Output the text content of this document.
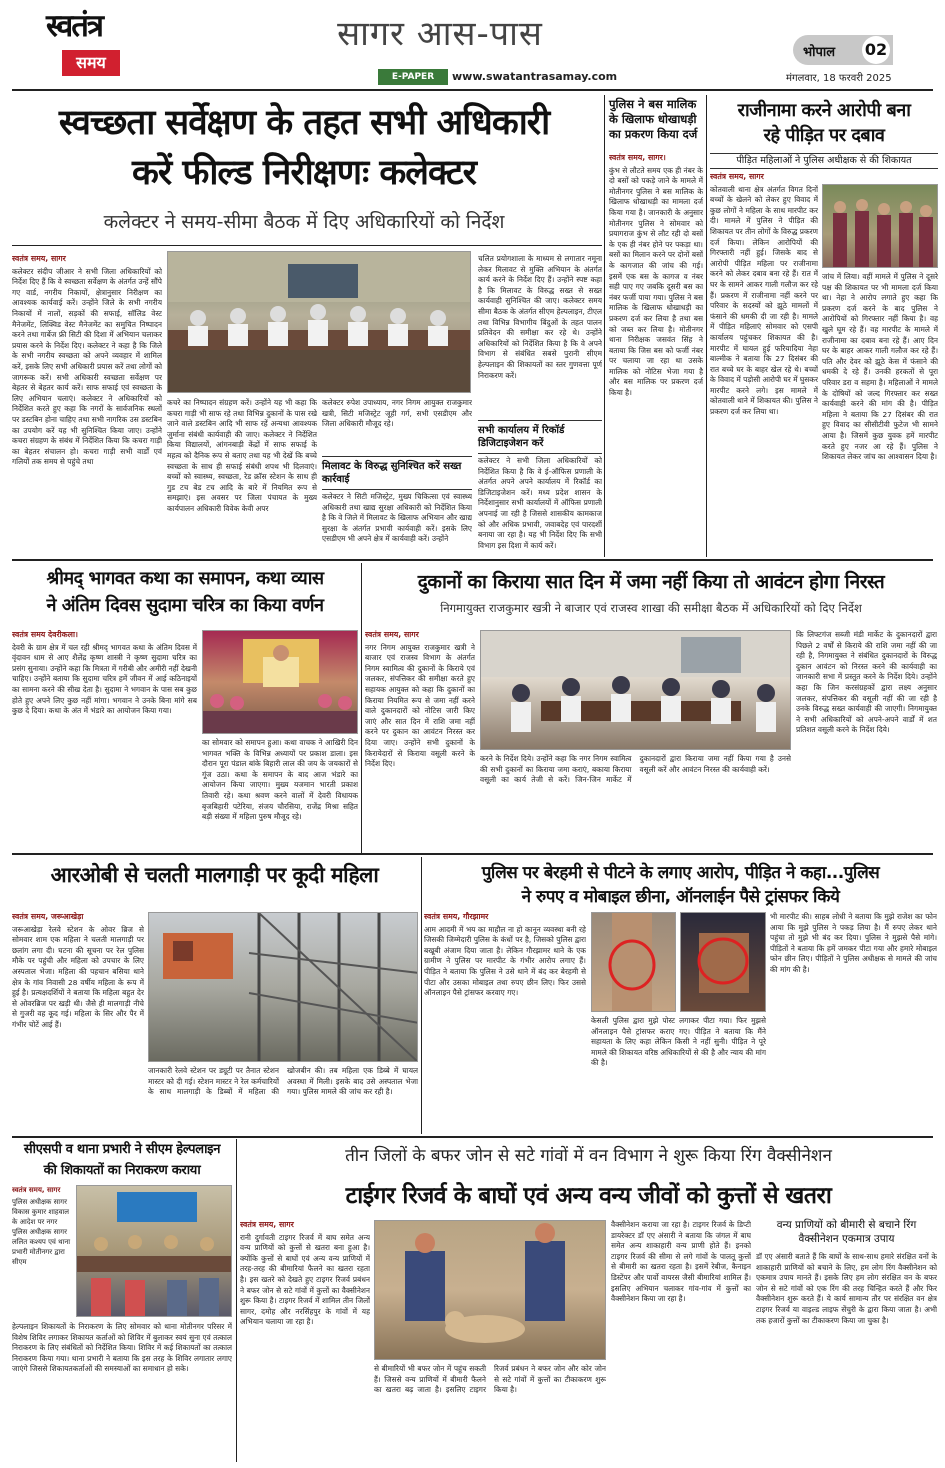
स्वतंत्र
समय
सागर आस-पास	भोपाल 02
E-PAPER	www.swatantrasamay.com	मंगलवार, 18 फरवरी 2025
स्वच्छता सर्वेक्षण के तहत सभी अधिकारी
करें फील्ड निरीक्षणः कलेक्टर
कलेक्टर ने समय-सीमा बैठक में दिए अधिकारियों को निर्देश
स्वतंत्र समय, सागर

कलेक्टर संदीप जीआर ने सभी जिला अधिकारियों को निर्देश दिए हैं कि वे स्वच्छता सर्वेक्षण के अंतर्गत उन्हें सौंपे गए वार्ड, नगरीय निकायों, क्षेत्रानुसार निरीक्षण का आवश्यक कार्यवाई करें। उन्होंने जिले के सभी नगरीय निकायों में नालों, सड़कों की सफाई, सॉलिड वेस्ट मैनेजमेंट, लिक्विड वेस्ट मैनेजमेंट का समुचित निष्पादन करने तथा गार्बेज फ्री सिटी की दिशा में अभियान चलाकर प्रयास करने के निर्देश दिए। कलेक्टर ने कहा है कि जिले के सभी नगरीय स्वच्छता को अपने व्यवहार में शामिल करें, इसके लिए सभी अधिकारी प्रयास करें तथा लोगों को जागरूक करें। सभी अधिकारी स्वच्छता सर्वेक्षण पर बेहतर से बेहतर कार्य करें। साफ सफाई एवं स्वच्छता के लिए अभियान चलाएं। कलेक्टर ने अधिकारियों को निर्देशित करते हुए कहा कि नगरों के सार्वजनिक स्थलों पर डस्टबिन होना चाहिए तथा सभी नागरिक उस डस्टबिन का उपयोग करें यह भी सुनिश्चित किया जाए। उन्होंने कचरा संग्रहण के संबंध में निर्देशित किया कि कचरा गाड़ी का बेहतर संचालन हो। कचरा गाड़ी सभी वार्डों एवं गलियों तक समय से पहुंचे तथा

कचरे का निष्पादन संग्रहण करें। उन्होंने यह भी कहा कि कचरा गाड़ी भी साफ रहे तथा विभिन्न दुकानों के पास रखे जाने वाले डस्टबिन आदि भी साफ रहें अन्यथा आवश्यक जुर्माना संबंधी कार्यवाही की जाए। कलेक्टर ने निर्देशित किया विद्यालयों, आंगनबाड़ी केंद्रों में साफ सफाई के महत्व को दैनिक रूप से बताए तथा यह भी देखें कि बच्चे स्वच्छता के साथ ही सफाई संबंधी शपथ भी दिलवाएं। बच्चों को स्वास्थ्य, स्वच्छता, रेड क्रॉस स्टेशन के साथ ही गुड टच बेड टच आदि के बारे में नियमित रूप से समझाएं। इस अवसर पर जिला पंचायत के मुख्य कार्यपालन अधिकारी विवेक केवी अपर

कलेक्टर रुपेश उपाध्याय, नगर निगम आयुक्त राजकुमार खत्री, सिटी मजिस्ट्रेट जूही गर्ग, सभी एसडीएम और जिला अधिकारी मौजूद रहे।

मिलावट के विरुद्ध सुनिश्चित करें सख्त कार्रवाई

कलेक्टर ने सिटी मजिस्ट्रेट, मुख्य चिकित्सा एवं स्वास्थ्य अधिकारी तथा खाद्य सुरक्षा अधिकारी को निर्देशित किया है कि वे जिले में मिलावट के खिलाफ अभियान और खाद्य सुरक्षा के अंतर्गत प्रभावी कार्यवाही करें। इसके लिए एसडीएम भी अपने क्षेत्र में कार्यवाही करें। उन्होंने

चलित प्रयोगशाला के माध्यम से लगातार नमूना लेकर मिलावट से मुक्ति अभियान के अंतर्गत कार्य करने के निर्देश दिए हैं। उन्होंने स्पष्ट कहा है कि मिलावट के विरुद्ध सख्त से सख्त कार्यवाही सुनिश्चित की जाए। कलेक्टर समय सीमा बैठक के अंतर्गत सीएम हेल्पलाइन, टीएल तथा विभिन्न विभागीय बिंदुओं के तहत पालन प्रतिवेदन की समीक्षा कर रहे थे। उन्होंने अधिकारियों को निर्देशित किया है कि वे अपने विभाग से संबंधित सबसे पुरानी सीएम हेल्पलाइन की शिकायतों का स्तर गुणवत्ता पूर्ण निराकरण करें।

सभी कार्यालय में रिकॉर्ड डिजिटाइजेशन करें

कलेक्टर ने सभी जिला अधिकारियों को निर्देशित किया है कि वे ई-ऑफिस प्रणाली के अंतर्गत अपने अपने कार्यालय में रिकॉर्ड का डिजिटाइजेशन करें। मध्य प्रदेश शासन के निर्देशानुसार सभी कार्यालयों में ऑफिस प्रणाली अपनाई जा रही है जिससे शासकीय कामकाज को और अधिक प्रभावी, जवाबदेह एवं पारदर्शी बनाया जा रहा है। यह भी निर्देश दिए कि सभी विभाग इस दिशा में कार्य करें।

पुलिस ने बस मालिक के खिलाफ धोखाधड़ी का प्रकरण किया दर्ज
स्वतंत्र समय, सागर।

कुंभ से लौटते समय एक ही नंबर के दो बसों को पकड़े जाने के मामले में मोतीनगर पुलिस ने बस मालिक के खिलाफ धोखाधड़ी का मामला दर्ज किया गया है। जानकारी के अनुसार मोतीनगर पुलिस ने सोमवार को प्रयागराज कुंभ से लौट रही दो बसों के एक ही नंबर होने पर पकड़ा था। बसों का मिलान करने पर दोनों बसों के कागजात की जांच की गई। इसमें एक बस के कागज व नंबर सही पाए गए जबकि दूसरी बस का नंबर फर्जी पाया गया। पुलिस ने बस मालिक के खिलाफ धोखाधड़ी का प्रकरण दर्ज कर लिया है तथा बस को जब्त कर लिया है। मोतीनगर थाना निरीक्षक जसवंत सिंह ने बताया कि जिस बस को फर्जी नंबर पर चलाया जा रहा था उसके मालिक को नोटिस भेजा गया है और बस मालिक पर प्रकरण दर्ज किया है।

राजीनामा करने आरोपी बना
रहे पीड़ित पर दबाव
पीड़ित महिलाओं ने पुलिस अधीक्षक से की शिकायत
स्वतंत्र समय, सागर

कोतवाली थाना क्षेत्र अंतर्गत विगत दिनों बच्चों के खेलने को लेकर हुए विवाद में कुछ लोगों ने महिला के साथ मारपीट कर दी। मामले में पुलिस ने पीड़ित की शिकायत पर तीन लोगों के विरुद्ध प्रकरण दर्ज किया। लेकिन आरोपियों की गिरफ्तारी नहीं हुई। जिसके बाद से आरोपी पीड़ित महिला पर राजीनामा करने को लेकर दबाव बना रहे हैं। रात में घर के सामने आकर गाली गलौज कर रहे हैं। प्रकरण में राजीनामा नहीं करने पर परिवार के सदस्यों को झूठे मामलों में फंसाने की धमकी दी जा रही है। मामले में पीड़ित महिलाएं सोमवार को एसपी कार्यालय पहुंचकर शिकायत की है। मारपीट में घायल हुई फरियादिया नेहा बाल्मीक ने बताया कि 27 दिसंबर की रात बच्चे घर के बाहर खेल रहे थे। बच्चों के विवाद में पड़ोसी आरोपी घर में घुसकर मारपीट करने लगे। इस मामले में कोतवाली थाने में शिकायत की। पुलिस ने प्रकरण दर्ज कर लिया था।

जांच में लिया। वहीं मामले में पुलिस ने दूसरे पक्ष की शिकायत पर भी मामला दर्ज किया था। नेहा ने आरोप लगाते हुए कहा कि प्रकरण दर्ज करने के बाद पुलिस ने आरोपियों को गिरफ्तार नहीं किया है। वह खुले घूम रहे हैं। वह मारपीट के मामले में राजीनामा का दबाव बना रहे हैं। आए दिन घर के बाहर आकर गाली गलौज कर रहे हैं। पति और देवर को झूठे केस में फंसाने की धमकी दे रहे हैं। उनकी हरकतों से पूरा परिवार डरा व सहमा है। महिलाओं ने मामले के दोषियों को जल्द गिरफ्तार कर सख्त कार्यवाही करने की मांग की है। पीड़ित महिला ने बताया कि 27 दिसंबर की रात हुए विवाद का सीसीटीवी फुटेज भी सामने आया है। जिसमें कुछ युवक हमें मारपीट करते हुए नजर आ रहे हैं। पुलिस ने शिकायत लेकर जांच का आश्वासन दिया है।

श्रीमद् भागवत कथा का समापन, कथा व्यास
ने अंतिम दिवस सुदामा चरित्र का किया वर्णन
स्वतंत्र समय देवरीकला।

देवरी के ग्राम क्षेत्र में चल रही श्रीमद् भागवत कथा के अंतिम दिवस में वृंदावन धाम से आए शैलेंद्र कृष्ण शास्त्री ने कृष्ण सुदामा चरित्र का प्रसंग सुनाया। उन्होंने कहा कि मित्रता में गरीबी और अमीरी नहीं देखनी चाहिए। उन्होंने बताया कि सुदामा चरित्र हमें जीवन में आई कठिनाइयों का सामना करने की सीख देता है। सुदामा ने भगवान के पास सब कुछ होते हुए अपने लिए कुछ नहीं मांगा। भगवान ने उनके बिना मांगे सब कुछ दे दिया। कथा के अंत में भंडारे का आयोजन किया गया।

का सोमवार को समापन हुआ। कथा वाचक ने आखिरी दिन भागवत भक्ति के विभिन्न अध्यायों पर प्रकाश डाला। इस दौरान पूरा पंडाल बांके बिहारी लाल की जय के जयकारों से गूंज उठा। कथा के समापन के बाद आज भंडारे का आयोजन किया जाएगा। मुख्य यजमान भारती प्रकाश तिवारी रहे। कथा श्रवण करने वालों में देवरी विधायक बृजबिहारी पटेरिया, संजय चौरसिया, राजेंद्र मिश्रा सहित बड़ी संख्या में महिला पुरुष मौजूद रहे।

दुकानों का किराया सात दिन में जमा नहीं किया तो आवंटन होगा निरस्त
निगमायुक्त राजकुमार खत्री ने बाजार एवं राजस्व शाखा की समीक्षा बैठक में अधिकारियों को दिए निर्देश
स्वतंत्र समय, सागर

नगर निगम आयुक्त राजकुमार खत्री ने बाजार एवं राजस्व विभाग के अंतर्गत निगम स्वामित्व की दुकानों के किराये एवं जलकर, संपत्तिकर की समीक्षा करते हुए सहायक आयुक्त को कहा कि दुकानों का किराया नियमित रूप से जमा नहीं करने वाले दुकानदारों को नोटिस जारी किए जाएं और सात दिन में राशि जमा नहीं करने पर दुकान का आवंटन निरस्त कर दिया जाए। उन्होंने सभी दुकानों के किरायेदारों से किराया वसूली करने के निर्देश दिए।

करने के निर्देश दिये। उन्होंने कहा कि नगर निगम स्वामित्व की सभी दुकानों का किराया जमा कराएं, बकाया किराया वसूली का कार्य तेजी से करें। जिन-जिन मार्केट में दुकानदारों द्वारा किराया जमा नहीं किया गया है उनसे वसूली करें और आवंटन निरस्त की कार्यवाही करें।

कि लिफ्टगंज सब्जी मंडी मार्केट के दुकानदारों द्वारा पिछले 2 वर्षों से किराये की राशि जमा नहीं की जा रही है, निगमायुक्त ने संबंधित दुकानदारों के विरुद्ध दुकान आवंटन को निरस्त करने की कार्यवाही का जानकारी सभा में प्रस्तुत करने के निर्देश दिये। उन्होंने कहा कि जिन करसंग्रहकों द्वारा लक्ष्य अनुसार जलकर, संपत्तिकर की वसूली नहीं की जा रही है उनके विरुद्ध सख्त कार्यवाही की जाएगी। निगमायुक्त ने सभी अधिकारियों को अपने-अपने वार्डों में शत प्रतिशत वसूली करने के निर्देश दिये।

आरओबी से चलती मालगाड़ी पर कूदी महिला
स्वतंत्र समय, जरूआखेड़ा

जरूआखेड़ा रेलवे स्टेशन के ओवर ब्रिज से सोमवार शाम एक महिला ने चलती मालगाड़ी पर छलांग लगा दी। घटना की सूचना पर रेल पुलिस मौके पर पहुंची और महिला को उपचार के लिए अस्पताल भेजा। महिला की पहचान बसिया थाने क्षेत्र के गांव निवासी 28 वर्षीय महिला के रूप में हुई है। प्रत्यक्षदर्शियों ने बताया कि महिला बहुत देर से ओवरब्रिज पर खड़ी थी। जैसे ही मालगाड़ी नीचे से गुजरी वह कूद गई। महिला के सिर और पैर में गंभीर चोटें आई हैं।

जानकारी रेलवे स्टेशन पर ड्यूटी पर तैनात स्टेशन मास्टर को दी गई। स्टेशन मास्टर ने रेल कर्मचारियों के साथ मालगाड़ी के डिब्बों में महिला की खोजबीन की। तब महिला एक डिब्बे में घायल अवस्था में मिली। इसके बाद उसे अस्पताल भेजा गया। पुलिस मामले की जांच कर रही है।

पुलिस पर बेरहमी से पीटने के लगाए आरोप, पीड़ित ने कहा...पुलिस
ने रुपए व मोबाइल छीना, ऑनलाईन पैसे ट्रांसफर किये
स्वतंत्र समय, गौरझामर

आम आदमी में भय का माहौल ना हो कानून व्यवस्था बनी रहे जिसकी जिम्मेदारी पुलिस के कंधों पर है, जिसको पुलिस द्वारा बखूबी अंजाम दिया जाता है। लेकिन गौरझामर थाने के एक ग्रामीण ने पुलिस पर मारपीट के गंभीर आरोप लगाए हैं। पीड़ित ने बताया कि पुलिस ने उसे थाने में बंद कर बेरहमी से पीटा और उसका मोबाइल तथा रुपए छीन लिए। फिर उससे ऑनलाइन पैसे ट्रांसफर करवाए गए।

केसली पुलिस द्वारा मुझे पोस्ट लगाकर पीटा गया। फिर मुझसे ऑनलाइन पैसे ट्रांसफर कराए गए। पीड़ित ने बताया कि मैंने सहायता के लिए कहा लेकिन किसी ने नहीं सुनी। पीड़ित ने पूरे मामले की शिकायत वरिष्ठ अधिकारियों से की है और न्याय की मांग की है।

भी मारपीट की। साहब लोधी ने बताया कि मुझे राजेश का फोन आया कि मुझे पुलिस ने पकड़ लिया है। मैं रुपए लेकर थाने पहुंचा तो मुझे भी बंद कर दिया। पुलिस ने मुझसे पैसे मांगे। पीड़ितों ने बताया कि हमें जमकर पीटा गया और हमारे मोबाइल फोन छीन लिए। पीड़ितों ने पुलिस अधीक्षक से मामले की जांच की मांग की है।

सीएसपी व थाना प्रभारी ने सीएम हेल्पलाइन
की शिकायतों का निराकरण कराया
स्वतंत्र समय, सागर

पुलिस अधीक्षक सागर विकास कुमार शाहवाल के आदेश पर नगर पुलिस अधीक्षक सागर ललित कश्यप एवं थाना प्रभारी मोतीनगर द्वारा सीएम

हेल्पलाइन शिकायतों के निराकरण के लिए सोमवार को थाना मोतीनगर परिसर में विशेष शिविर लगाकर शिकायत कर्ताओं को शिविर में बुलाकर स्वयं सुना एवं तत्काल निराकरण के लिए संबंधितों को निर्देशित किया। शिविर में कई शिकायतों का तत्काल निराकरण किया गया। थाना प्रभारी ने बताया कि इस तरह के शिविर लगातार लगाए जाएंगे जिससे शिकायतकर्ताओं की समस्याओं का समाधान हो सके।

तीन जिलों के बफर जोन से सटे गांवों में वन विभाग ने शुरू किया रिंग वैक्सीनेशन
टाईगर रिजर्व के बाघों एवं अन्य वन्य जीवों को कुत्तों से खतरा
स्वतंत्र समय, सागर

रानी दुर्गावती टाइगर रिजर्व में बाघ समेत अन्य वन्य प्राणियों को कुत्तों से खतरा बना हुआ है। क्योंकि कुत्तों से बाघों एवं अन्य वन्य प्राणियों में तरह-तरह की बीमारियां फैलने का खतरा रहता है। इस खतरे को देखते हुए टाइगर रिजर्व प्रबंधन ने बफर जोन से सटे गांवों में कुत्तों का वैक्सीनेशन शुरू किया है। टाइगर रिजर्व में शामिल तीन जिलों सागर, दमोह और नरसिंहपुर के गांवों में यह अभियान चलाया जा रहा है।

से बीमारियों भी बफर जोन में पहुंच सकती हैं। जिससे वन्य प्राणियों में बीमारी फैलने का खतरा बढ़ जाता है। इसलिए टाइगर रिजर्व प्रबंधन ने बफर जोन और कोर जोन से सटे गांवों में कुत्तों का टीकाकरण शुरू किया है।

वैक्सीनेशन कराया जा रहा है। टाइगर रिजर्व के डिप्टी डायरेक्टर डॉ एए अंसारी ने बताया कि जंगल में बाघ समेत अन्य शाकाहारी वन्य प्राणी होते हैं। इनको टाइगर रिजर्व की सीमा से लगे गांवों के पालतू कुत्तों से बीमारी का खतरा रहता है। इसमें रेबीज, कैनाइन डिस्टेंपर और पार्वो वायरस जैसी बीमारियां शामिल हैं। इसलिए अभियान चलाकर गांव-गांव में कुत्तों का वैक्सीनेशन किया जा रहा है।

वन्य प्राणियों को बीमारी से बचाने रिंग वैक्सीनेशन एकमात्र उपाय

डॉ एए अंसारी बताते हैं कि बाघों के साथ-साथ हमारे संरक्षित वनों के शाकाहारी प्राणियों को बचाने के लिए, हम लोग रिंग वैक्सीनेशन को एकमात्र उपाय मानते हैं। इसके लिए हम लोग संरक्षित वन के बफर जोन से सटे गांवों को एक रिंग की तरह चिन्हित करते हैं और फिर वैक्सीनेशन शुरू करते हैं। ये कार्य सामान्य तौर पर संरक्षित वन क्षेत्र टाइगर रिजर्व या वाइल्ड लाइफ सेंचुरी के द्वारा किया जाता है। अभी तक हजारों कुत्तों का टीकाकरण किया जा चुका है।
